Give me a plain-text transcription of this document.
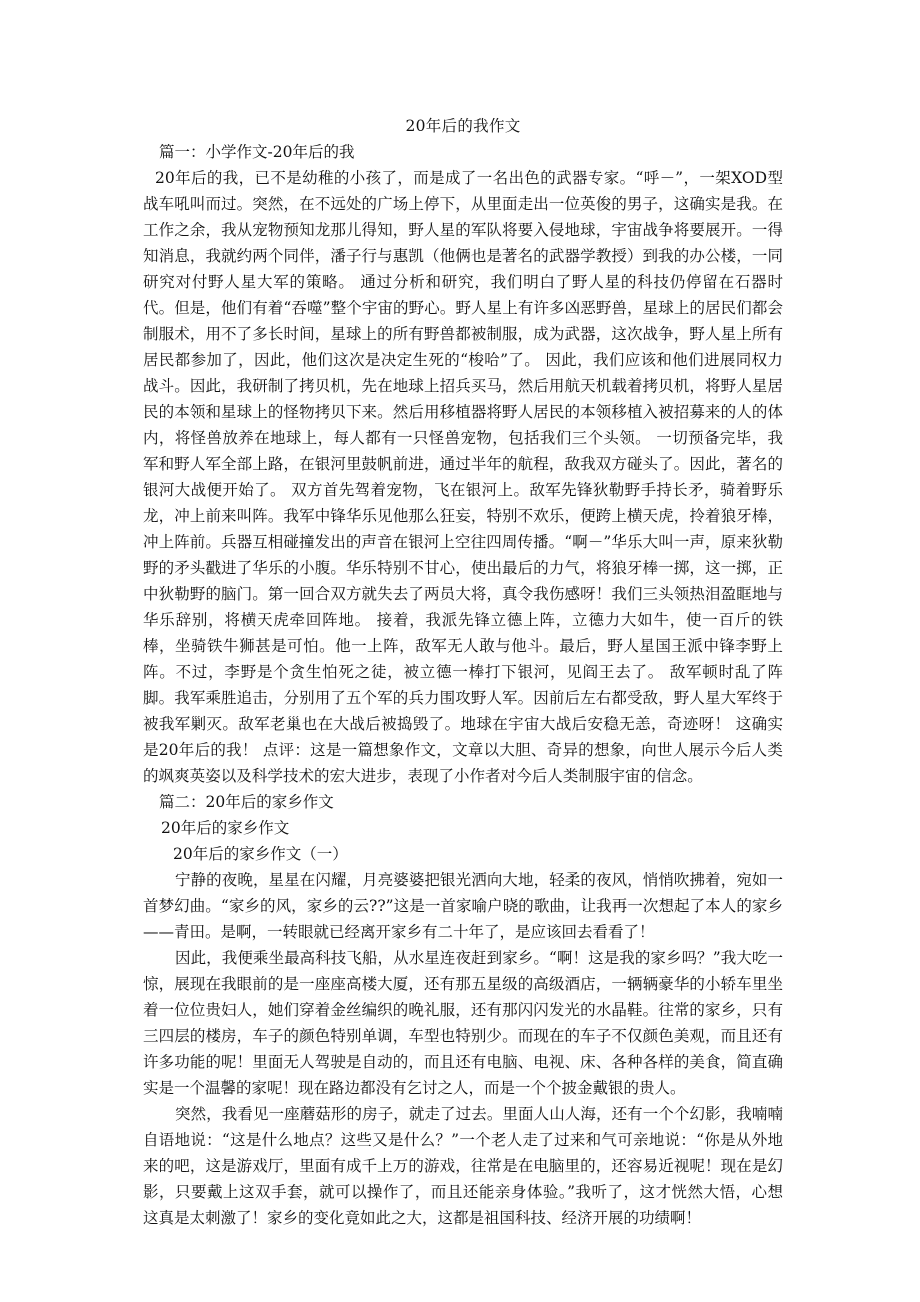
20年后的我作文

篇一：小学作文-20年后的我

20年后的我，已不是幼稚的小孩了，而是成了一名出色的武器专家。“呼－”，一架XOD型战车吼叫而过。突然，在不远处的广场上停下，从里面走出一位英俊的男子，这确实是我。在工作之余，我从宠物预知龙那儿得知，野人星的军队将要入侵地球，宇宙战争将要展开。一得知消息，我就约两个同伴，潘子行与惠凯（他俩也是著名的武器学教授）到我的办公楼，一同研究对付野人星大军的策略。 通过分析和研究，我们明白了野人星的科技仍停留在石器时代。但是，他们有着“吞噬”整个宇宙的野心。野人星上有许多凶恶野兽，星球上的居民们都会制服术，用不了多长时间，星球上的所有野兽都被制服，成为武器，这次战争，野人星上所有居民都参加了，因此，他们这次是决定生死的“梭哈”了。 因此，我们应该和他们进展同权力战斗。因此，我研制了拷贝机，先在地球上招兵买马，然后用航天机载着拷贝机，将野人星居民的本领和星球上的怪物拷贝下来。然后用移植器将野人居民的本领移植入被招募来的人的体内，将怪兽放养在地球上，每人都有一只怪兽宠物，包括我们三个头领。 一切预备完毕，我军和野人军全部上路，在银河里鼓帆前进，通过半年的航程，敌我双方碰头了。因此，著名的银河大战便开始了。 双方首先驾着宠物，飞在银河上。敌军先锋狄勒野手持长矛，骑着野乐龙，冲上前来叫阵。我军中锋华乐见他那么狂妄，特别不欢乐，便跨上横天虎，拎着狼牙棒，冲上阵前。兵器互相碰撞发出的声音在银河上空往四周传播。“啊－”华乐大叫一声，原来狄勒野的矛头戳进了华乐的小腹。华乐特别不甘心，使出最后的力气，将狼牙棒一掷，这一掷，正中狄勒野的脑门。第一回合双方就失去了两员大将，真令我伤感呀！我们三头领热泪盈眶地与华乐辞别，将横天虎牵回阵地。 接着，我派先锋立德上阵，立德力大如牛，使一百斤的铁棒，坐骑铁牛狮甚是可怕。他一上阵，敌军无人敢与他斗。最后，野人星国王派中锋李野上阵。不过，李野是个贪生怕死之徒，被立德一棒打下银河，见阎王去了。 敌军顿时乱了阵脚。我军乘胜追击，分别用了五个军的兵力围攻野人军。因前后左右都受敌，野人星大军终于被我军剿灭。敌军老巢也在大战后被捣毁了。地球在宇宙大战后安稳无恙，奇迹呀！ 这确实是20年后的我！ 点评：这是一篇想象作文，文章以大胆、奇异的想象，向世人展示今后人类的飒爽英姿以及科学技术的宏大进步，表现了小作者对今后人类制服宇宙的信念。

篇二：20年后的家乡作文

20年后的家乡作文

20年后的家乡作文（一）

宁静的夜晚，星星在闪耀，月亮婆婆把银光洒向大地，轻柔的夜风，悄悄吹拂着，宛如一首梦幻曲。“家乡的风，家乡的云??”这是一首家喻户晓的歌曲，让我再一次想起了本人的家乡——青田。是啊，一转眼就已经离开家乡有二十年了，是应该回去看看了！

因此，我便乘坐最高科技飞船，从水星连夜赶到家乡。“啊！这是我的家乡吗？”我大吃一惊，展现在我眼前的是一座座高楼大厦，还有那五星级的高级酒店，一辆辆豪华的小轿车里坐着一位位贵妇人，她们穿着金丝编织的晚礼服，还有那闪闪发光的水晶鞋。往常的家乡，只有三四层的楼房，车子的颜色特别单调，车型也特别少。而现在的车子不仅颜色美观，而且还有许多功能的呢！里面无人驾驶是自动的，而且还有电脑、电视、床、各种各样的美食，简直确实是一个温馨的家呢！现在路边都没有乞讨之人，而是一个个披金戴银的贵人。

突然，我看见一座蘑菇形的房子，就走了过去。里面人山人海，还有一个个幻影，我喃喃自语地说：“这是什么地点？这些又是什么？”一个老人走了过来和气可亲地说：“你是从外地来的吧，这是游戏厅，里面有成千上万的游戏，往常是在电脑里的，还容易近视呢！现在是幻影，只要戴上这双手套，就可以操作了，而且还能亲身体验。”我听了，这才恍然大悟，心想 这真是太刺激了！家乡的变化竟如此之大，这都是祖国科技、经济开展的功绩啊！
